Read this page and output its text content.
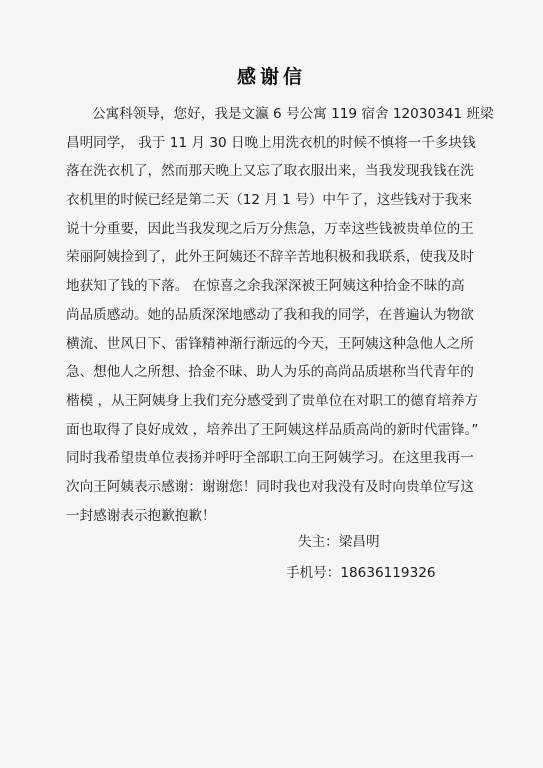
感谢信
公寓科领导，您好，我是文瀛 6 号公寓 119 宿舍 12030341 班梁
昌明同学， 我于 11 月 30 日晚上用洗衣机的时候不慎将一千多块钱
落在洗衣机了，然而那天晚上又忘了取衣服出来，当我发现我钱在洗
衣机里的时候已经是第二天（12 月 1 号）中午了，这些钱对于我来
说十分重要，因此当我发现之后万分焦急，万幸这些钱被贵单位的王
荣丽阿姨捡到了，此外王阿姨还不辞辛苦地积极和我联系，使我及时
地获知了钱的下落。 在惊喜之余我深深被王阿姨这种拾金不昧的高
尚品质感动。她的品质深深地感动了我和我的同学，在普遍认为物欲
横流、世风日下、雷锋精神渐行渐远的今天，王阿姨这种急他人之所
急、想他人之所想、拾金不昧、助人为乐的高尚品质堪称当代青年的
楷模 ，从王阿姨身上我们充分感受到了贵单位在对职工的德育培养方
面也取得了良好成效 ，培养出了王阿姨这样品质高尚的新时代雷锋。”
同时我希望贵单位表扬并呼吁全部职工向王阿姨学习。在这里我再一
次向王阿姨表示感谢：谢谢您！同时我也对我没有及时向贵单位写这
一封感谢表示抱歉抱歉！
失主：梁昌明
手机号：18636119326
